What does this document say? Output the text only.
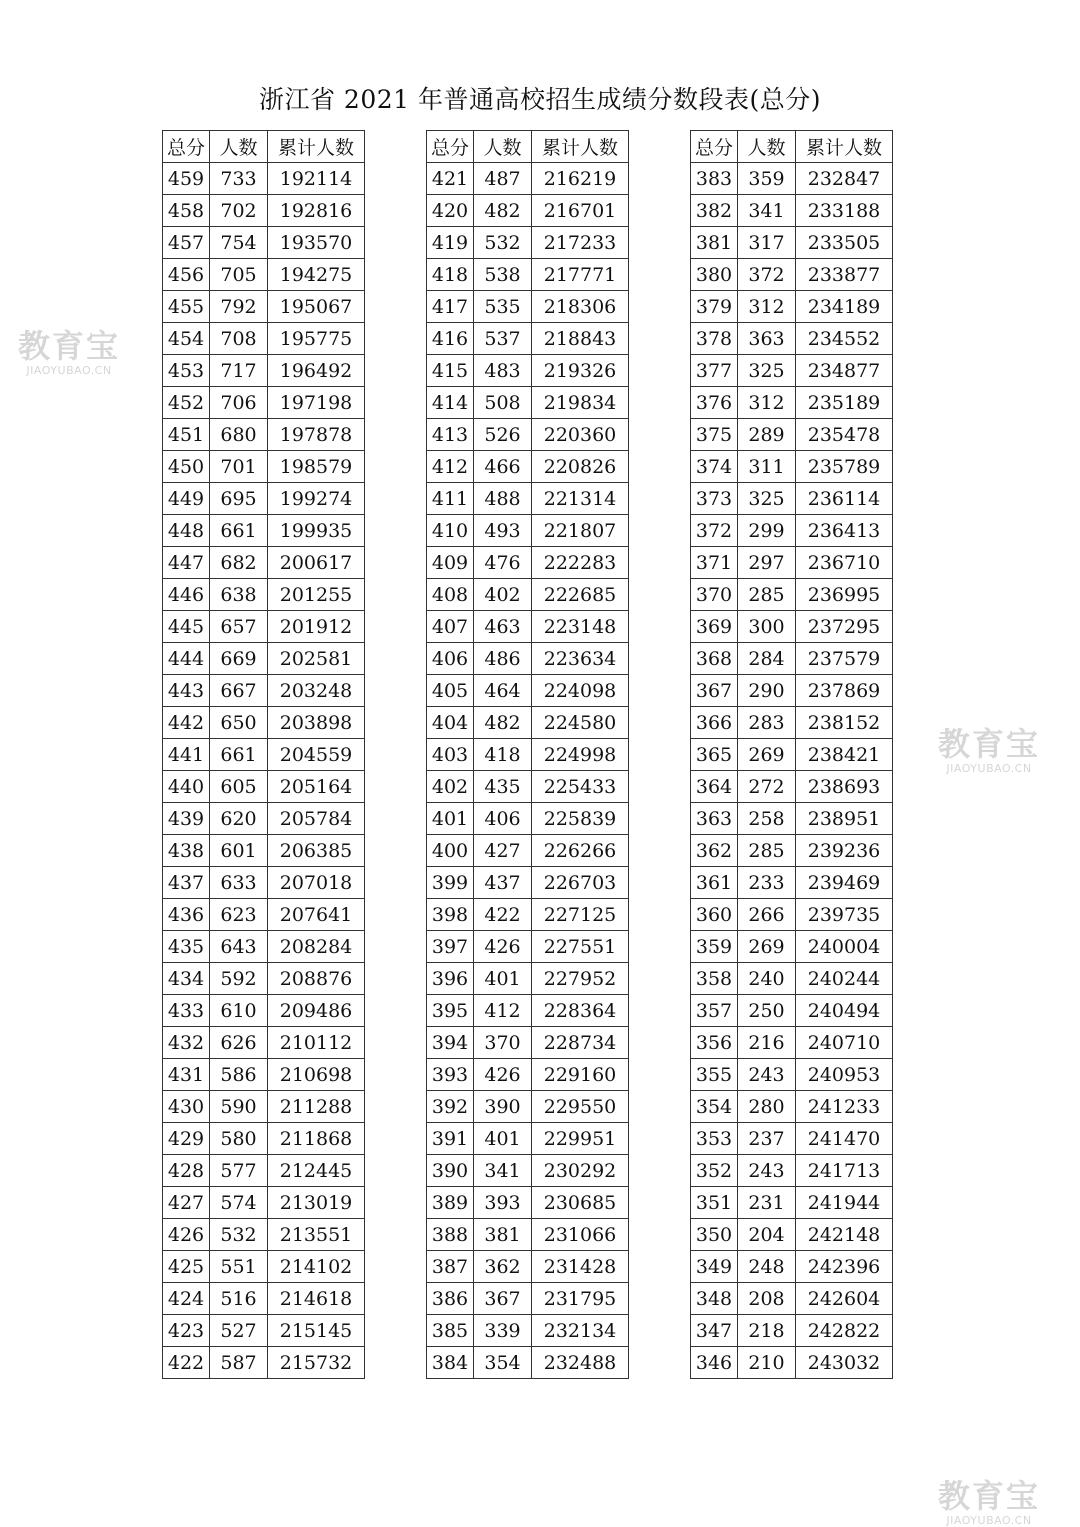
浙江省 2021 年普通高校招生成绩分数段表(总分)
教育宝
JIAOYUBAO.CN
教育宝
JIAOYUBAO.CN
教育宝
JIAOYUBAO.CN
总分	人数	累计人数
459	733	192114
458	702	192816
457	754	193570
456	705	194275
455	792	195067
454	708	195775
453	717	196492
452	706	197198
451	680	197878
450	701	198579
449	695	199274
448	661	199935
447	682	200617
446	638	201255
445	657	201912
444	669	202581
443	667	203248
442	650	203898
441	661	204559
440	605	205164
439	620	205784
438	601	206385
437	633	207018
436	623	207641
435	643	208284
434	592	208876
433	610	209486
432	626	210112
431	586	210698
430	590	211288
429	580	211868
428	577	212445
427	574	213019
426	532	213551
425	551	214102
424	516	214618
423	527	215145
422	587	215732
总分	人数	累计人数
421	487	216219
420	482	216701
419	532	217233
418	538	217771
417	535	218306
416	537	218843
415	483	219326
414	508	219834
413	526	220360
412	466	220826
411	488	221314
410	493	221807
409	476	222283
408	402	222685
407	463	223148
406	486	223634
405	464	224098
404	482	224580
403	418	224998
402	435	225433
401	406	225839
400	427	226266
399	437	226703
398	422	227125
397	426	227551
396	401	227952
395	412	228364
394	370	228734
393	426	229160
392	390	229550
391	401	229951
390	341	230292
389	393	230685
388	381	231066
387	362	231428
386	367	231795
385	339	232134
384	354	232488
总分	人数	累计人数
383	359	232847
382	341	233188
381	317	233505
380	372	233877
379	312	234189
378	363	234552
377	325	234877
376	312	235189
375	289	235478
374	311	235789
373	325	236114
372	299	236413
371	297	236710
370	285	236995
369	300	237295
368	284	237579
367	290	237869
366	283	238152
365	269	238421
364	272	238693
363	258	238951
362	285	239236
361	233	239469
360	266	239735
359	269	240004
358	240	240244
357	250	240494
356	216	240710
355	243	240953
354	280	241233
353	237	241470
352	243	241713
351	231	241944
350	204	242148
349	248	242396
348	208	242604
347	218	242822
346	210	243032
